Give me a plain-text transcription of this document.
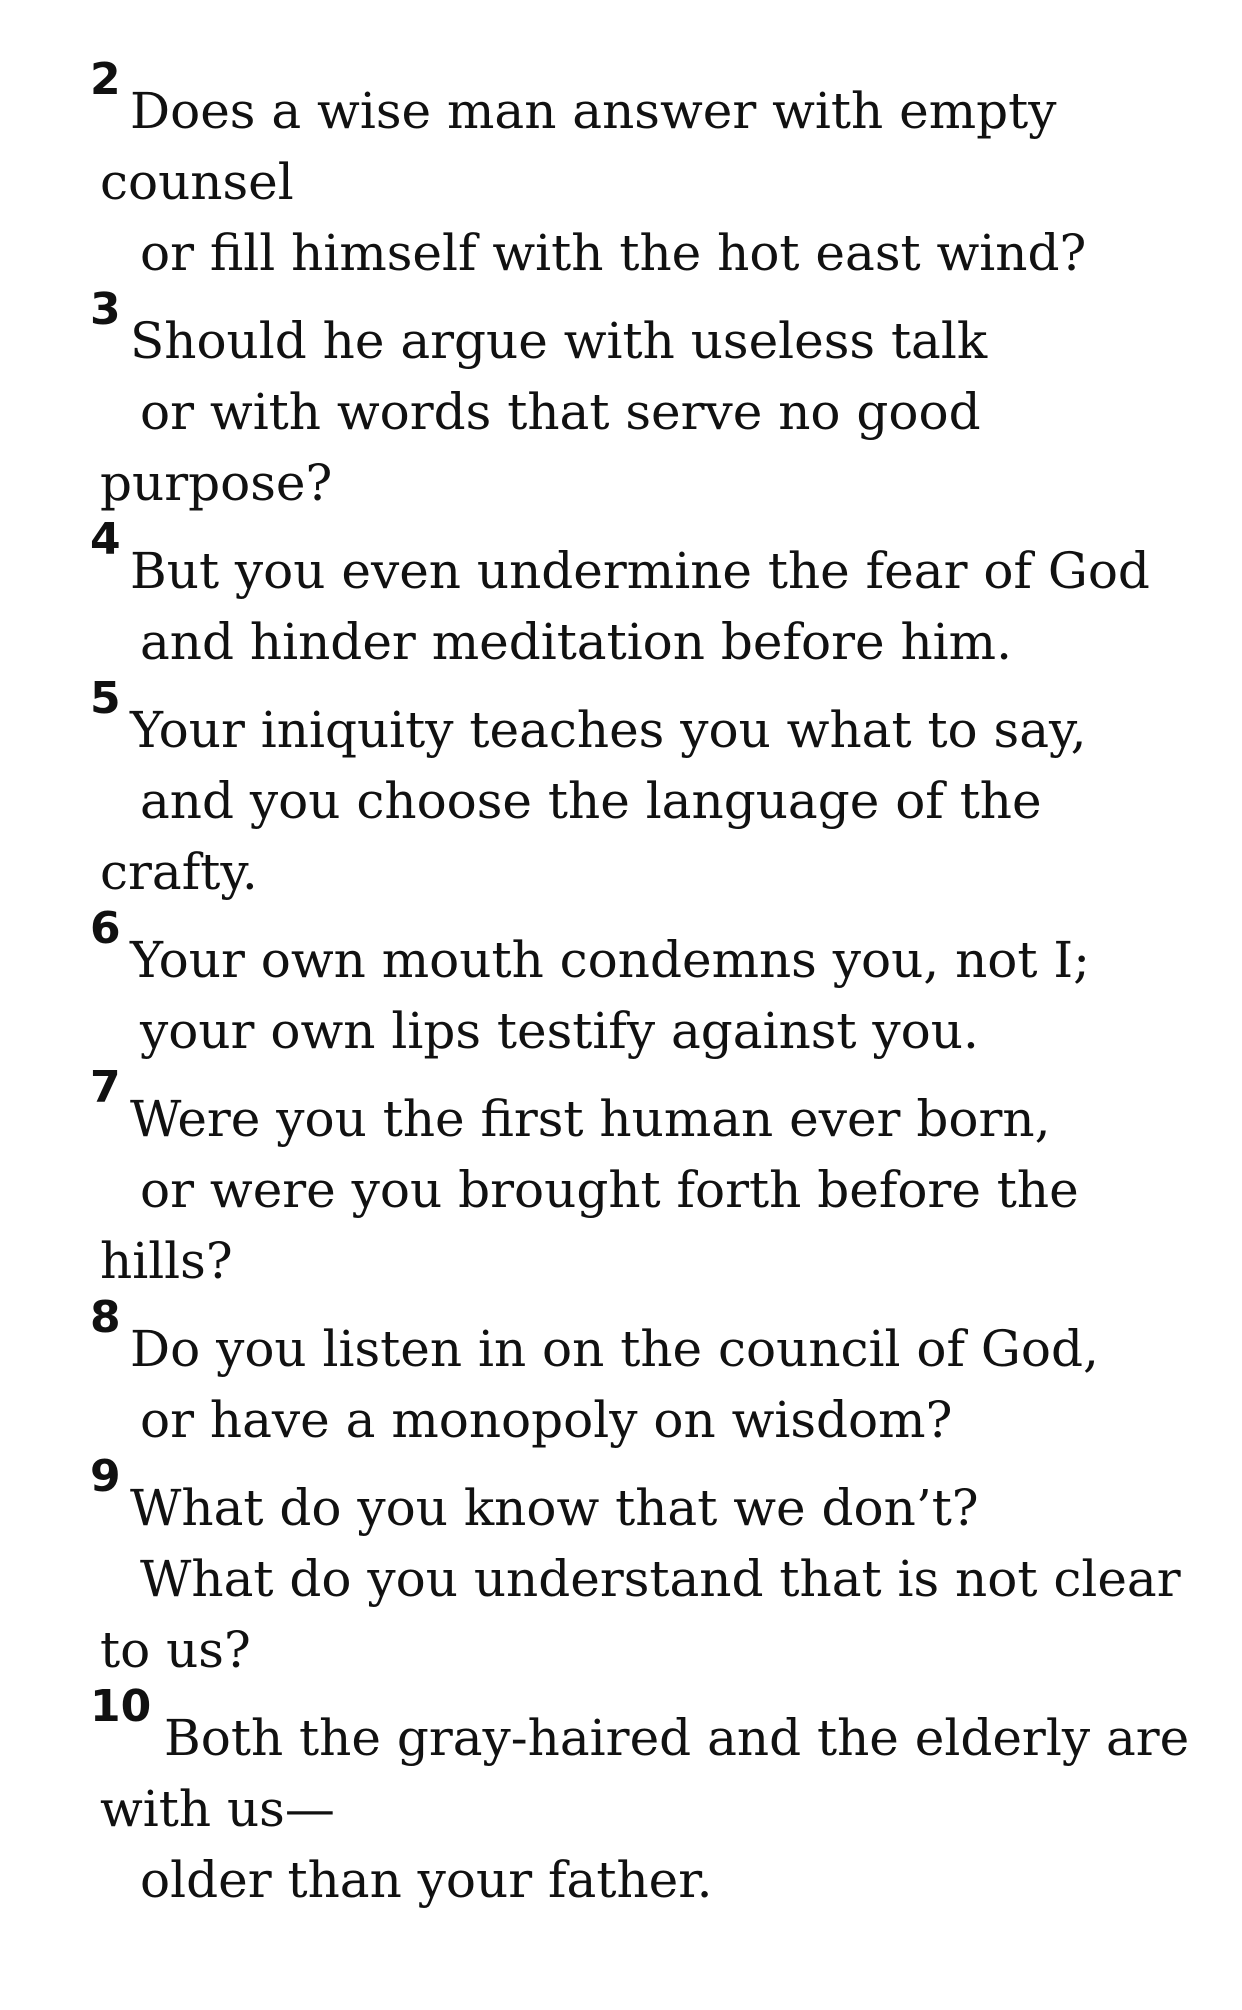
2
Does a wise man answer with empty
counsel
or fill himself with the hot east wind?
3
Should he argue with useless talk
or with words that serve no good
purpose?
4
But you even undermine the fear of God
and hinder meditation before him.
5
Your iniquity teaches you what to say,
and you choose the language of the
crafty.
6
Your own mouth condemns you, not I;
your own lips testify against you.
7
Were you the first human ever born,
or were you brought forth before the
hills?
8
Do you listen in on the council of God,
or have a monopoly on wisdom?
9
What do you know that we don’t?
What do you understand that is not clear
to us?
10
Both the gray-haired and the elderly are
with us—
older than your father.
